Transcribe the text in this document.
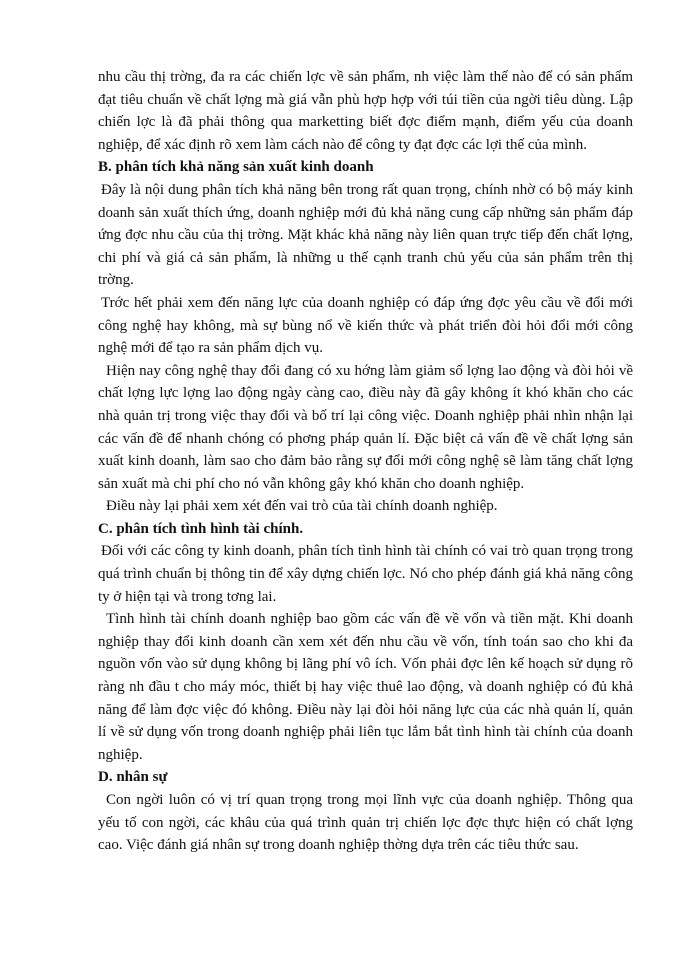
nhu cầu thị trờng, đa ra các chiến lợc về sản phẩm, nh việc làm thế nào để có sản phẩm đạt tiêu chuẩn về chất lợng mà giá vẫn phù hợp hợp với túi tiền của ngời tiêu dùng. Lập chiến lợc là đã phải thông qua marketting biết đợc điểm mạnh, điểm yếu của doanh nghiệp, để xác định rõ xem làm cách nào để công ty đạt đợc các lợi thế của mình.

B. phân tích khả năng sản xuất kinh doanh

Đây là nội dung phân tích khả năng bên trong rất quan trọng, chính nhờ có bộ máy kinh doanh sản xuất thích ứng, doanh nghiệp mới đủ khả năng cung cấp những sản phẩm đáp ứng đợc nhu cầu của thị trờng. Mặt khác khả năng này liên quan trực tiếp đến chất lợng, chi phí và giá cả sản phẩm, là những u thế cạnh tranh chủ yếu của sản phẩm trên thị trờng.

Trớc hết phải xem đến năng lực của doanh nghiệp có đáp ứng đợc yêu cầu về đổi mới công nghệ hay không, mà sự bùng nổ về kiến thức và phát triển đòi hỏi đổi mới công nghệ mới để tạo ra sản phẩm dịch vụ.

Hiện nay công nghệ thay đổi đang có xu hớng làm giảm số lợng lao động và đòi hỏi về chất lợng lực lợng lao động ngày càng cao, điều này đã gây không ít khó khăn cho các nhà quản trị trong việc thay đổi và bố trí lại công việc. Doanh nghiệp phải nhìn nhận lại các vấn đề để nhanh chóng có phơng pháp quản lí. Đặc biệt cả vấn đề về chất lợng sản xuất kinh doanh, làm sao cho đảm bảo rằng sự đổi mới công nghệ sẽ làm tăng chất lợng sản xuất mà chi phí cho nó vẫn không gây khó khăn cho doanh nghiệp.

Điều này lại phải xem xét đến vai trò của tài chính doanh nghiệp.

C. phân tích tình hình tài chính.

Đối với các công ty kinh doanh, phân tích tình hình tài chính có vai trò quan trọng trong quá trình chuẩn bị thông tin để xây dựng chiến lợc. Nó cho phép đánh giá khả năng công ty ở hiện tại và trong tơng lai.

Tình hình tài chính doanh nghiệp bao gồm các vấn đề về vốn và tiền mặt. Khi doanh nghiệp thay đổi kinh doanh cần xem xét đến nhu cầu về vốn, tính toán sao cho khi đa nguồn vốn vào sử dụng không bị lãng phí vô ích. Vốn phải đợc lên kế hoạch sử dụng rõ ràng nh đầu t cho máy móc, thiết bị hay việc thuê lao động, và doanh nghiệp có đủ khả năng để làm đợc việc đó không. Điều này lại đòi hỏi năng lực của các nhà quản lí, quản lí về sử dụng vốn trong doanh nghiệp phải liên tục lắm bắt tình hình tài chính của doanh nghiệp.

D. nhân sự

Con ngời luôn có vị trí quan trọng trong mọi lĩnh vực của doanh nghiệp. Thông qua yếu tố con ngời, các khâu của quá trình quản trị chiến lợc đợc thực hiện có chất lợng cao. Việc đánh giá nhân sự trong doanh nghiệp thờng dựa trên các tiêu thức sau.
